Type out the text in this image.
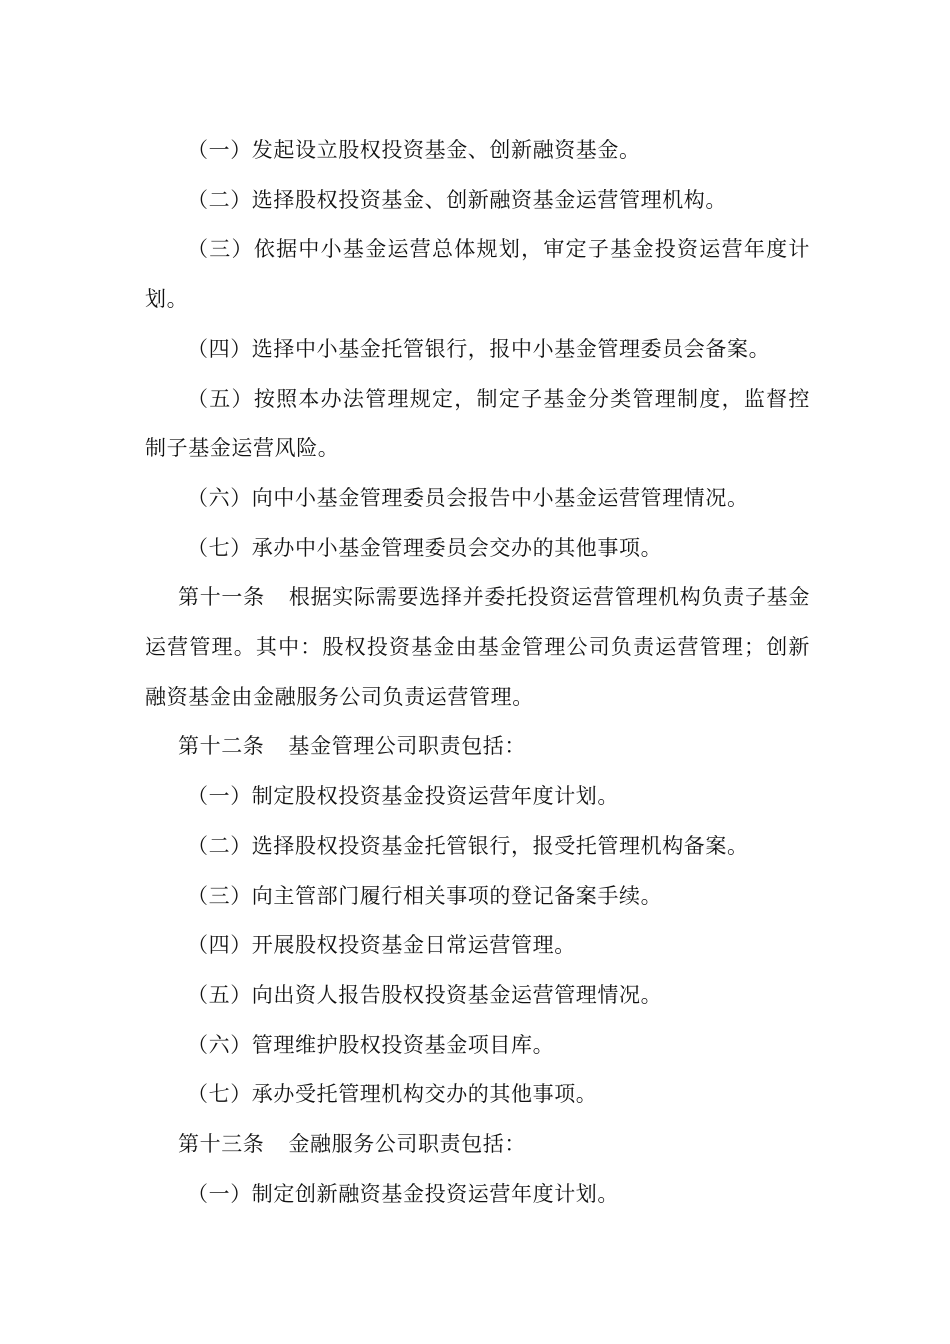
（一）发起设立股权投资基金、创新融资基金。

（二）选择股权投资基金、创新融资基金运营管理机构。

（三）依据中小基金运营总体规划，审定子基金投资运营年度计划。

（四）选择中小基金托管银行，报中小基金管理委员会备案。

（五）按照本办法管理规定，制定子基金分类管理制度，监督控制子基金运营风险。

（六）向中小基金管理委员会报告中小基金运营管理情况。

（七）承办中小基金管理委员会交办的其他事项。

第十一条 根据实际需要选择并委托投资运营管理机构负责子基金运营管理。其中：股权投资基金由基金管理公司负责运营管理；创新融资基金由金融服务公司负责运营管理。

第十二条 基金管理公司职责包括：

（一）制定股权投资基金投资运营年度计划。

（二）选择股权投资基金托管银行，报受托管理机构备案。

（三）向主管部门履行相关事项的登记备案手续。

（四）开展股权投资基金日常运营管理。

（五）向出资人报告股权投资基金运营管理情况。

（六）管理维护股权投资基金项目库。

（七）承办受托管理机构交办的其他事项。

第十三条 金融服务公司职责包括：

（一）制定创新融资基金投资运营年度计划。
